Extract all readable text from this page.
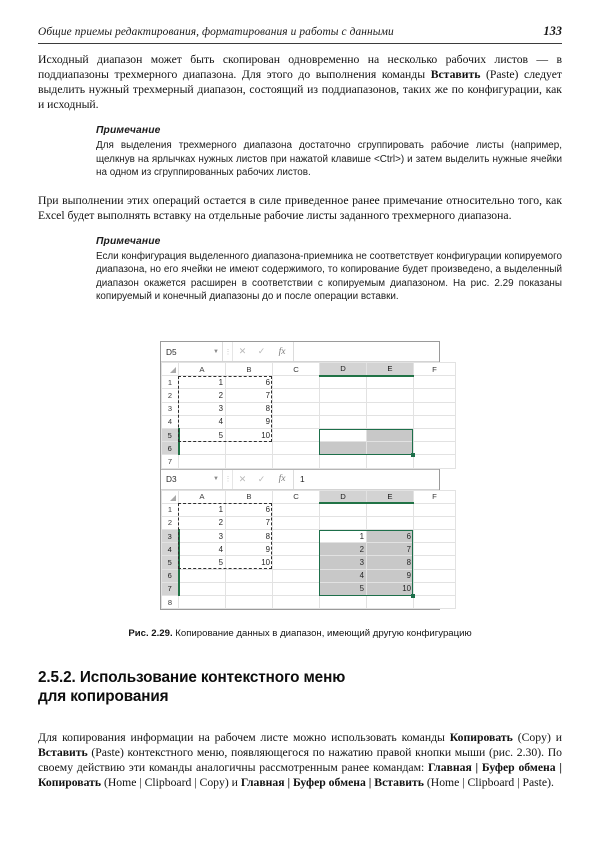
Общие приемы редактирования, форматирования и работы с данными	133

Исходный диапазон может быть скопирован одновременно на несколько рабочих листов — в поддиапазоны трехмерного диапазона. Для этого до выполнения команды Вставить (Paste) следует выделить нужный трехмерный диапазон, состоящий из поддиапазонов, таких же по конфигурации, как и исходный.

Примечание
Для выделения трехмерного диапазона достаточно сгруппировать рабочие листы (например, щелкнув на ярлычках нужных листов при нажатой клавише <Ctrl>) и затем выделить нужные ячейки на одном из сгруппированных рабочих листов.

При выполнении этих операций остается в силе приведенное ранее примечание относительно того, как Excel будет выполнять вставку на отдельные рабочие листы заданного трехмерного диапазона.

Примечание
Если конфигурация выделенного диапазона-приемника не соответствует конфигурации копируемого диапазона, но его ячейки не имеют содержимого, то копирование будет произведено, а выделенный диапазон окажется расширен в соответствии с копируемым диапазоном. На рис. 2.29 показаны копируемый и конечный диапазоны до и после операции вставки.
D5	▼ ⋮ ✕	✓	fx
	A	B	C	D	E	F
1	1	6				
2	2	7				
3	3	8				
4	4	9				
5	5	10				
6						
7						
D3	▼ ⋮ ✕	✓	fx	1
	A	B	C	D	E	F
1	1	6				
2	2	7				
3	3	8		1	6	
4	4	9		2	7	
5	5	10		3	8	
6				4	9	
7				5	10	
8						
Рис. 2.29. Копирование данных в диапазон, имеющий другую конфигурацию
2.5.2. Использование контекстного меню
для копирования

Для копирования информации на рабочем листе можно использовать команды Копировать (Copy) и Вставить (Paste) контекстного меню, появляющегося по нажатию правой кнопки мыши (рис. 2.30). По своему действию эти команды аналогичны рассмотренным ранее командам: Главная | Буфер обмена | Копировать (Home | Clipboard | Copy) и Главная | Буфер обмена | Вставить (Home | Clipboard | Paste).
